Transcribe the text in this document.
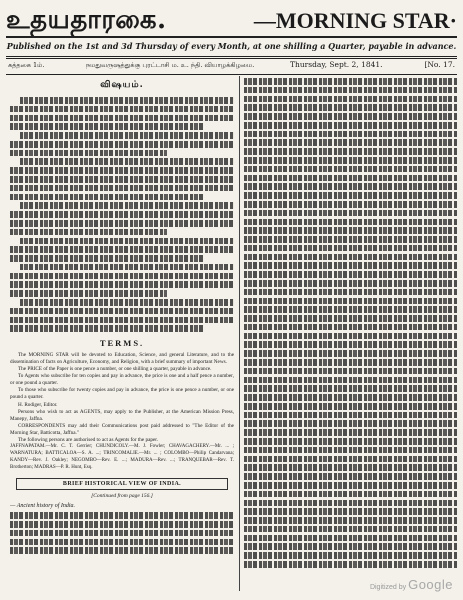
உதயதாரகை.	—MORNING STAR·
Published on the 1st and 3d Thursday of every Month, at one shilling a Quarter, payable in advance.
கத்தகை 1ம்.	நமதுவருஷத்துக்கு புரட்டாசி ம. உ. ந்தி. வியாழக்கிழமை.	Thursday, Sept. 2, 1841.	[No. 17.
விஷயம்.
TERMS.

The MORNING STAR will be devoted to Education, Science, and general Literature, and to the dissemination of facts on Agriculture, Economy, and Religion, with a brief summary of important News.

The PRICE of the Paper is one pence a number, or one shilling a quarter, payable in advance.

To Agents who subscribe for ten copies and pay in advance, the price is one and a half pence a number, or one pound a quarter.

To those who subscribe for twenty copies and pay in advance, the price is one pence a number, or one pound a quarter.

H. Rodiger, Editor.

Persons who wish to act as AGENTS, may apply to the Publisher, at the American Mission Press, Manepy, Jaffna.

CORRESPONDENTS may add their Communications post paid addressed to "The Editor of the Morning Star, Batticotta, Jaffna."

The following persons are authorised to act as Agents for the paper.

JAFFNAPATAM.—Mr. C. T. Gerrier; CHUNDICOLY.—M. J. Fowler; CHAVAGACHERY.—Mr. ... ; WARNATURA; BATTICALOA—S. A. ...; TRINCOMALIE.—Mr. ... ; COLOMBO—Philip Candarvana; KANDY—Rev. J. Oakley; NEGOMBO—Rev. E. ...; MADURA—Rev. ...; TRANQUEBAR—Rev. T. Brotherton; MADRAS—P. R. Hunt, Esq.

BRIEF HISTORICAL VIEW OF INDIA.
[Continued from page 156.]
— Ancient history of India.
Digitized by Google
